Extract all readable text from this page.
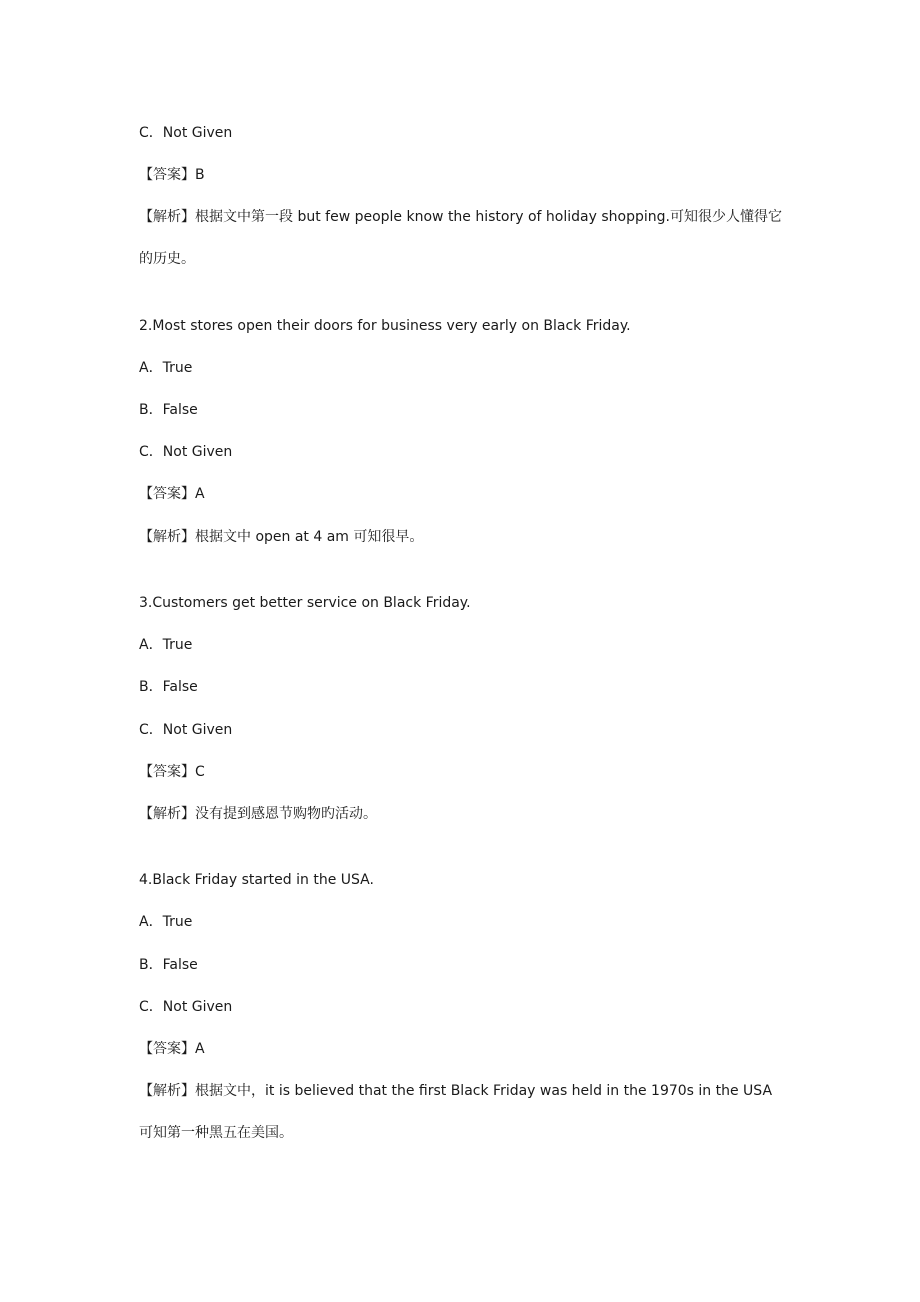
C．Not Given
【答案】B
【解析】根据文中第一段 but few people know the history of holiday shopping.可知很少人懂得它的历史。
2.Most stores open their doors for business very early on Black Friday.
A．True
B．False
C．Not Given
【答案】A
【解析】根据文中 open at 4 am 可知很早。
3.Customers get better service on Black Friday.
A．True
B．False
C．Not Given
【答案】C
【解析】没有提到感恩节购物旳活动。
4.Black Friday started in the USA.
A．True
B．False
C．Not Given
【答案】A
【解析】根据文中，it is believed that the first Black Friday was held in the 1970s in the USA 可知第一种黑五在美国。
